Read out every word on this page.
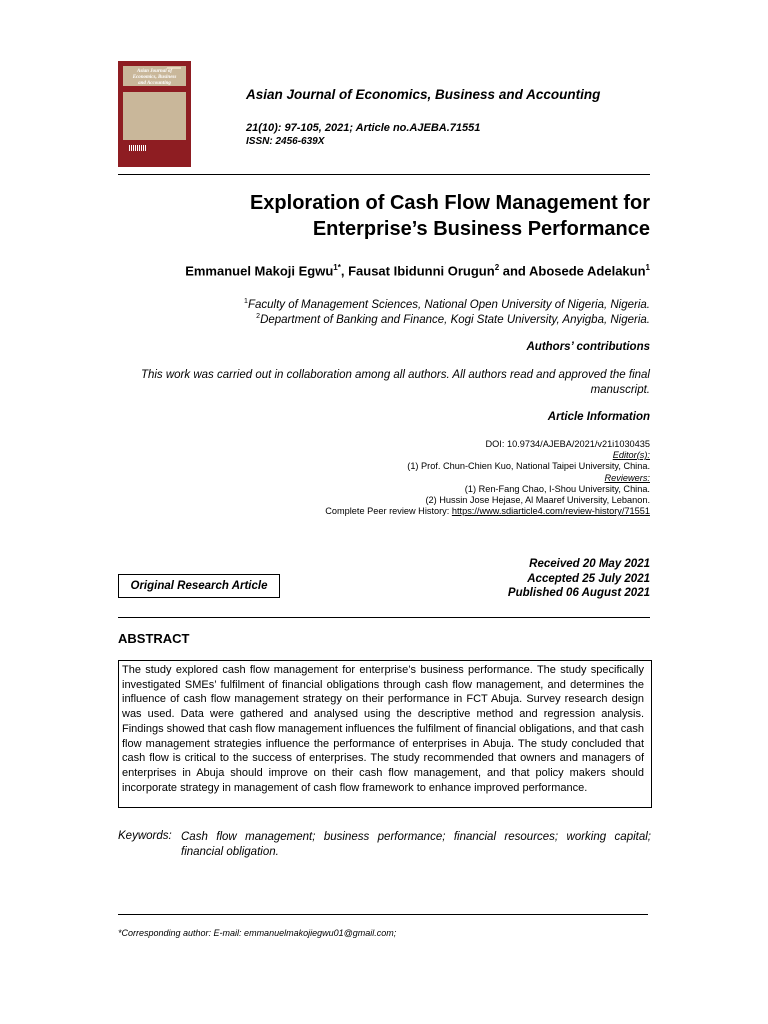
Asian Journal of
Economics, Business
and Accounting
Asian Journal of Economics, Business and Accounting
21(10): 97-105, 2021; Article no.AJEBA.71551
ISSN: 2456-639X
Exploration of Cash Flow Management for
Enterprise’s Business Performance
Emmanuel Makoji Egwu$^{1*}$, Fausat Ibidunni Orugun$^2$ and Abosede Adelakun$^1$
$^1$Faculty of Management Sciences, National Open University of Nigeria, Nigeria.
$^2$Department of Banking and Finance, Kogi State University, Anyigba, Nigeria.
Authors’ contributions
This work was carried out in collaboration among all authors. All authors read and approved the final manuscript.
Article Information
DOI: 10.9734/AJEBA/2021/v21i1030435
Editor(s):
(1) Prof. Chun-Chien Kuo, National Taipei University, China.
Reviewers:
(1) Ren-Fang Chao, I-Shou University, China.
(2) Hussin Jose Hejase, Al Maaref University, Lebanon.
Complete Peer review History: https://www.sdiarticle4.com/review-history/71551
Original Research Article
Received 20 May 2021
Accepted 25 July 2021
Published 06 August 2021
ABSTRACT

The study explored cash flow management for enterprise’s business performance. The study specifically investigated SMEs’ fulfilment of financial obligations through cash flow management, and determines the influence of cash flow management strategy on their performance in FCT Abuja. Survey research design was used. Data were gathered and analysed using the descriptive method and regression analysis. Findings showed that cash flow management influences the fulfilment of financial obligations, and that cash flow management strategies influence the performance of enterprises in Abuja. The study concluded that cash flow is critical to the success of enterprises. The study recommended that owners and managers of enterprises in Abuja should improve on their cash flow management, and that policy makers should incorporate strategy in management of cash flow framework to enhance improved performance.

Keywords: Cash flow management; business performance; financial resources; working capital; financial obligation.
*Corresponding author: E-mail: emmanuelmakojiegwu01@gmail.com;
